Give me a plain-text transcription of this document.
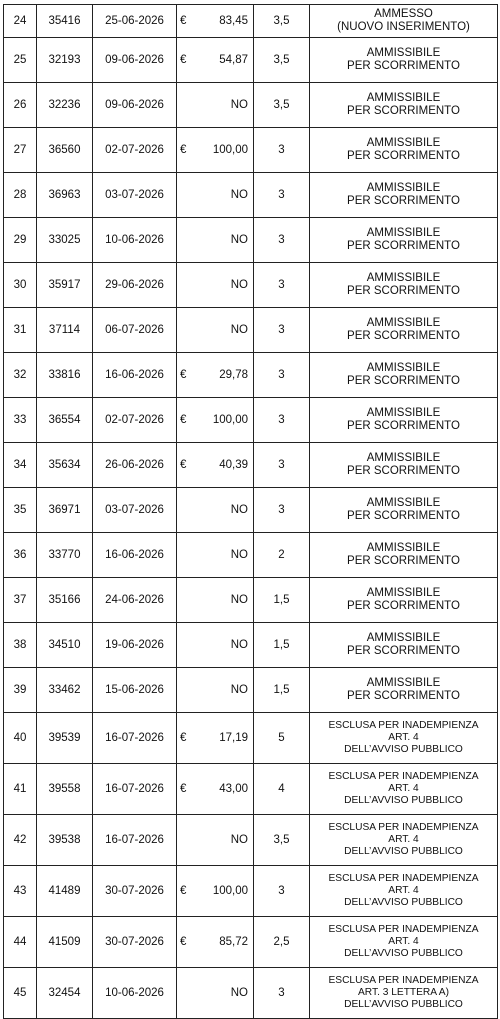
24	35416	25-06-2026	€ 83,45	3,5	AMMESSO
(NUOVO INSERIMENTO)

25	32193	09-06-2026	€ 54,87	3,5	AMMISSIBILE
PER SCORRIMENTO

26	32236	09-06-2026	NO	3,5	AMMISSIBILE
PER SCORRIMENTO

27	36560	02-07-2026	€ 100,00	3	AMMISSIBILE
PER SCORRIMENTO

28	36963	03-07-2026	NO	3	AMMISSIBILE
PER SCORRIMENTO

29	33025	10-06-2026	NO	3	AMMISSIBILE
PER SCORRIMENTO

30	35917	29-06-2026	NO	3	AMMISSIBILE
PER SCORRIMENTO

31	37114	06-07-2026	NO	3	AMMISSIBILE
PER SCORRIMENTO

32	33816	16-06-2026	€ 29,78	3	AMMISSIBILE
PER SCORRIMENTO

33	36554	02-07-2026	€ 100,00	3	AMMISSIBILE
PER SCORRIMENTO

34	35634	26-06-2026	€ 40,39	3	AMMISSIBILE
PER SCORRIMENTO

35	36971	03-07-2026	NO	3	AMMISSIBILE
PER SCORRIMENTO

36	33770	16-06-2026	NO	2	AMMISSIBILE
PER SCORRIMENTO

37	35166	24-06-2026	NO	1,5	AMMISSIBILE
PER SCORRIMENTO

38	34510	19-06-2026	NO	1,5	AMMISSIBILE
PER SCORRIMENTO

39	33462	15-06-2026	NO	1,5	AMMISSIBILE
PER SCORRIMENTO

40	39539	16-07-2026	€ 17,19	5	ESCLUSA PER INADEMPIENZA
ART. 4
DELL’AVVISO PUBBLICO

41	39558	16-07-2026	€ 43,00	4	ESCLUSA PER INADEMPIENZA
ART. 4
DELL’AVVISO PUBBLICO

42	39538	16-07-2026	NO	3,5	ESCLUSA PER INADEMPIENZA
ART. 4
DELL’AVVISO PUBBLICO

43	41489	30-07-2026	€ 100,00	3	ESCLUSA PER INADEMPIENZA
ART. 4
DELL’AVVISO PUBBLICO

44	41509	30-07-2026	€ 85,72	2,5	ESCLUSA PER INADEMPIENZA
ART. 4
DELL’AVVISO PUBBLICO

45	32454	10-06-2026	NO	3	ESCLUSA PER INADEMPIENZA
ART. 3 LETTERA A)
DELL’AVVISO PUBBLICO
